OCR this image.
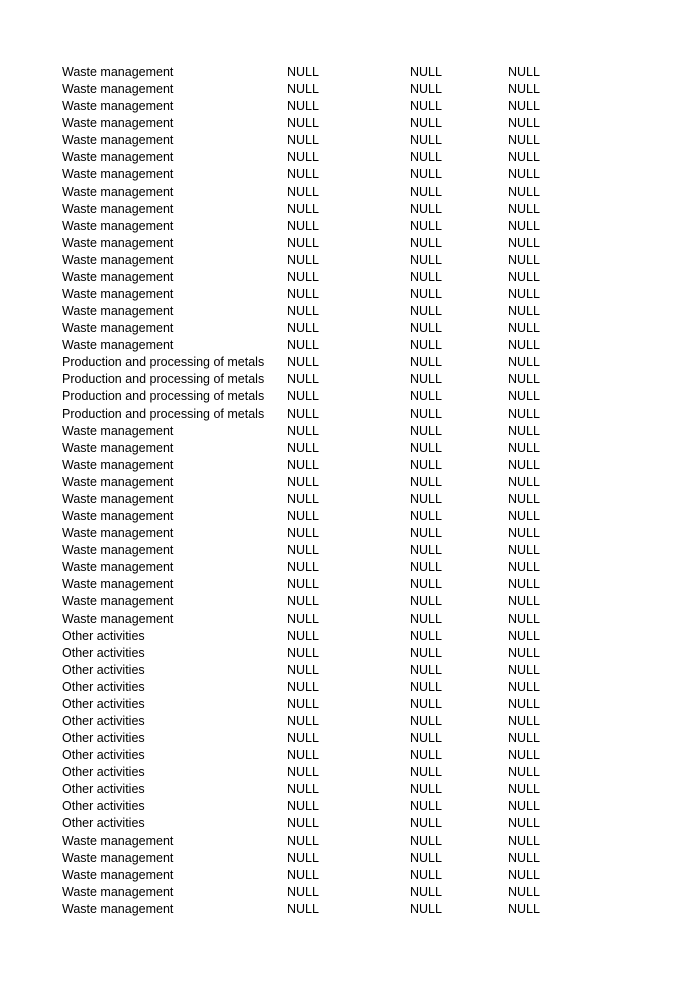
Waste management	NULL	NULL	NULL
Waste management	NULL	NULL	NULL
Waste management	NULL	NULL	NULL
Waste management	NULL	NULL	NULL
Waste management	NULL	NULL	NULL
Waste management	NULL	NULL	NULL
Waste management	NULL	NULL	NULL
Waste management	NULL	NULL	NULL
Waste management	NULL	NULL	NULL
Waste management	NULL	NULL	NULL
Waste management	NULL	NULL	NULL
Waste management	NULL	NULL	NULL
Waste management	NULL	NULL	NULL
Waste management	NULL	NULL	NULL
Waste management	NULL	NULL	NULL
Waste management	NULL	NULL	NULL
Waste management	NULL	NULL	NULL
Production and processing of metals NULL	NULL	NULL
Production and processing of metals NULL	NULL	NULL
Production and processing of metals NULL	NULL	NULL
Production and processing of metals NULL	NULL	NULL
Waste management	NULL	NULL	NULL
Waste management	NULL	NULL	NULL
Waste management	NULL	NULL	NULL
Waste management	NULL	NULL	NULL
Waste management	NULL	NULL	NULL
Waste management	NULL	NULL	NULL
Waste management	NULL	NULL	NULL
Waste management	NULL	NULL	NULL
Waste management	NULL	NULL	NULL
Waste management	NULL	NULL	NULL
Waste management	NULL	NULL	NULL
Waste management	NULL	NULL	NULL
Other activities	NULL	NULL	NULL
Other activities	NULL	NULL	NULL
Other activities	NULL	NULL	NULL
Other activities	NULL	NULL	NULL
Other activities	NULL	NULL	NULL
Other activities	NULL	NULL	NULL
Other activities	NULL	NULL	NULL
Other activities	NULL	NULL	NULL
Other activities	NULL	NULL	NULL
Other activities	NULL	NULL	NULL
Other activities	NULL	NULL	NULL
Other activities	NULL	NULL	NULL
Waste management	NULL	NULL	NULL
Waste management	NULL	NULL	NULL
Waste management	NULL	NULL	NULL
Waste management	NULL	NULL	NULL
Waste management	NULL	NULL	NULL
